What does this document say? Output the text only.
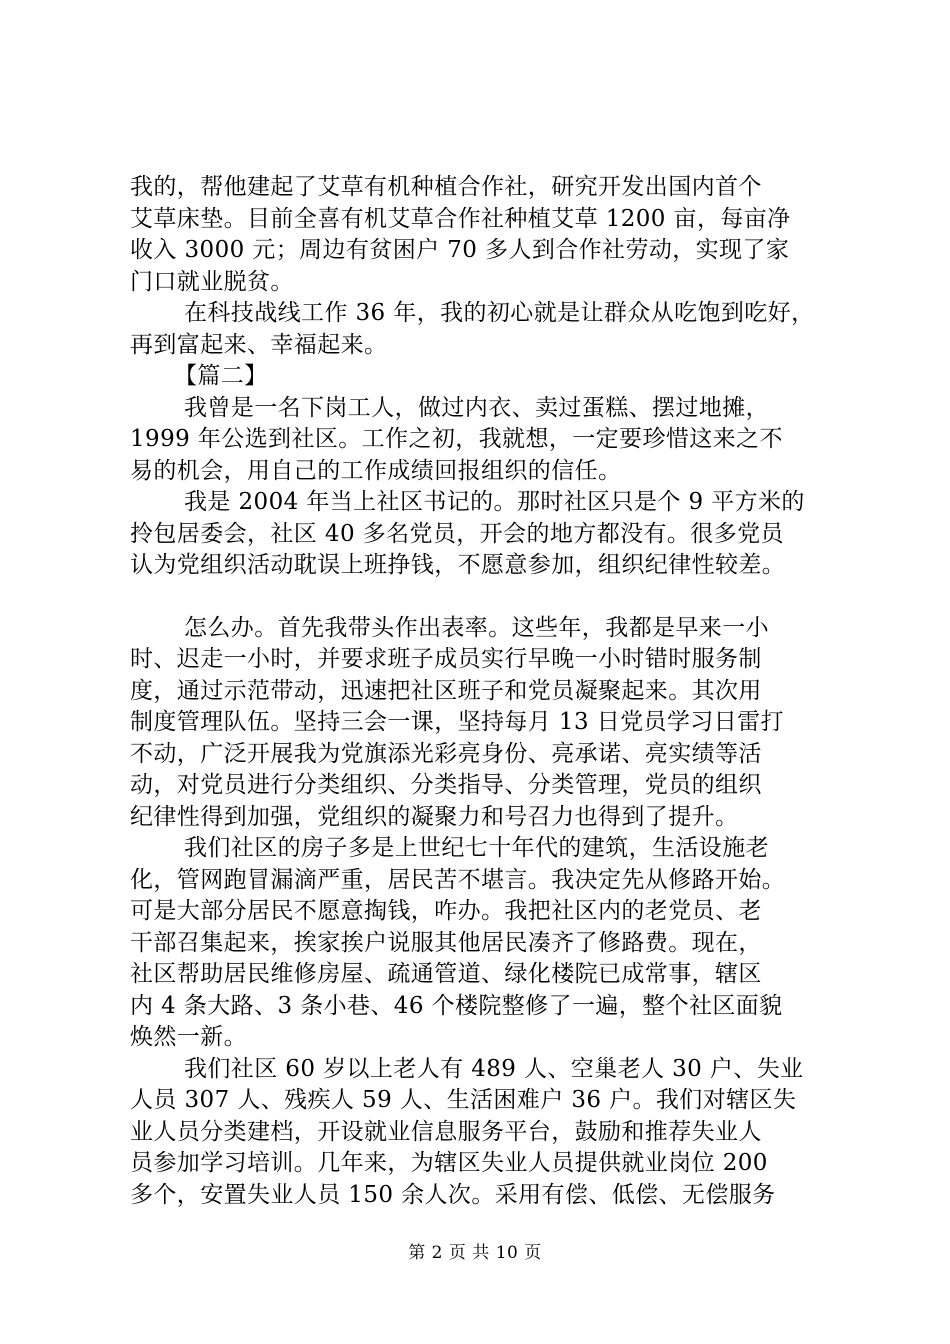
我的，帮他建起了艾草有机种植合作社，研究开发出国内首个
艾草床垫。目前全喜有机艾草合作社种植艾草 1200 亩，每亩净
收入 3000 元；周边有贫困户 70 多人到合作社劳动，实现了家
门口就业脱贫。
在科技战线工作 36 年，我的初心就是让群众从吃饱到吃好，
再到富起来、幸福起来。
【篇二】
我曾是一名下岗工人，做过内衣、卖过蛋糕、摆过地摊，
1999 年公选到社区。工作之初，我就想，一定要珍惜这来之不
易的机会，用自己的工作成绩回报组织的信任。
我是 2004 年当上社区书记的。那时社区只是个 9 平方米的
拎包居委会，社区 40 多名党员，开会的地方都没有。很多党员
认为党组织活动耽误上班挣钱，不愿意参加，组织纪律性较差。
怎么办。首先我带头作出表率。这些年，我都是早来一小
时、迟走一小时，并要求班子成员实行早晚一小时错时服务制
度，通过示范带动，迅速把社区班子和党员凝聚起来。其次用
制度管理队伍。坚持三会一课，坚持每月 13 日党员学习日雷打
不动，广泛开展我为党旗添光彩亮身份、亮承诺、亮实绩等活
动，对党员进行分类组织、分类指导、分类管理，党员的组织
纪律性得到加强，党组织的凝聚力和号召力也得到了提升。
我们社区的房子多是上世纪七十年代的建筑，生活设施老
化，管网跑冒漏滴严重，居民苦不堪言。我决定先从修路开始。
可是大部分居民不愿意掏钱，咋办。我把社区内的老党员、老
干部召集起来，挨家挨户说服其他居民凑齐了修路费。现在，
社区帮助居民维修房屋、疏通管道、绿化楼院已成常事，辖区
内 4 条大路、3 条小巷、46 个楼院整修了一遍，整个社区面貌
焕然一新。
我们社区 60 岁以上老人有 489 人、空巢老人 30 户、失业
人员 307 人、残疾人 59 人、生活困难户 36 户。我们对辖区失
业人员分类建档，开设就业信息服务平台，鼓励和推荐失业人
员参加学习培训。几年来，为辖区失业人员提供就业岗位 200
多个，安置失业人员 150 余人次。采用有偿、低偿、无偿服务
第 2 页 共 10 页
